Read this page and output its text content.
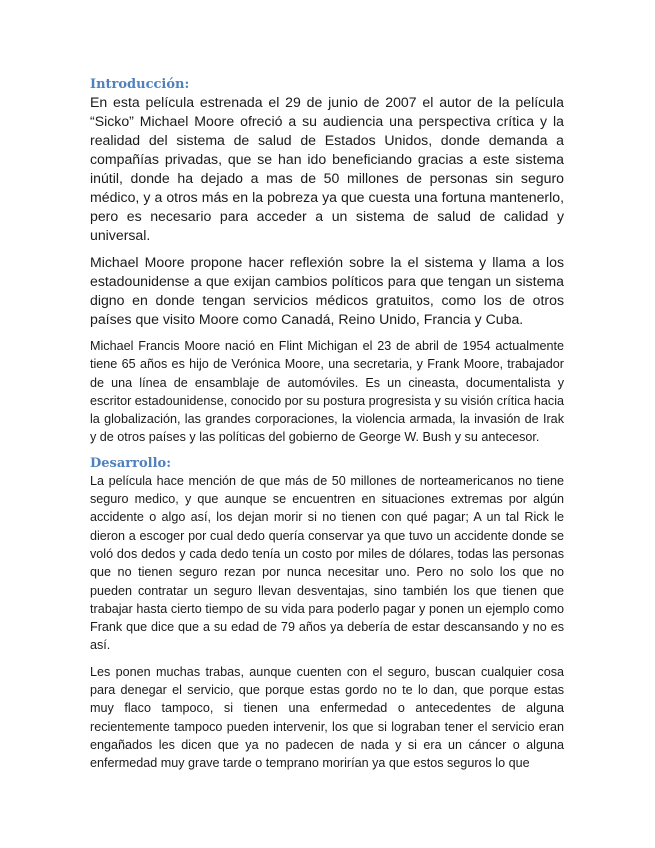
Introducción:

En esta película estrenada el 29 de junio de 2007 el autor de la película “Sicko” Michael Moore ofreció a su audiencia una perspectiva crítica y la realidad del sistema de salud de Estados Unidos, donde demanda a compañías privadas, que se han ido beneficiando gracias a este sistema inútil, donde ha dejado a mas de 50 millones de personas sin seguro médico, y a otros más en la pobreza ya que cuesta una fortuna mantenerlo, pero es necesario para acceder a un sistema de salud de calidad y universal.

Michael Moore propone hacer reflexión sobre la el sistema y llama a los estadounidense a que exijan cambios políticos para que tengan un sistema digno en donde tengan servicios médicos gratuitos, como los de otros países que visito Moore como Canadá, Reino Unido, Francia y Cuba.

Michael Francis Moore nació en Flint Michigan el 23 de abril de 1954 actualmente tiene 65 años es hijo de Verónica Moore, una secretaria, y Frank Moore, trabajador de una línea de ensamblaje de automóviles. Es un cineasta, documentalista y escritor estadounidense, conocido por su postura progresista y su visión crítica hacia la globalización, las grandes corporaciones, la violencia armada, la invasión de Irak y de otros países y las políticas del gobierno de George W. Bush y su antecesor.

Desarrollo:

La película hace mención de que más de 50 millones de norteamericanos no tiene seguro medico, y que aunque se encuentren en situaciones extremas por algún accidente o algo así, los dejan morir si no tienen con qué pagar; A un tal Rick le dieron a escoger por cual dedo quería conservar ya que tuvo un accidente donde se voló dos dedos y cada dedo tenía un costo por miles de dólares, todas las personas que no tienen seguro rezan por nunca necesitar uno. Pero no solo los que no pueden contratar un seguro llevan desventajas, sino también los que tienen que trabajar hasta cierto tiempo de su vida para poderlo pagar y ponen un ejemplo como Frank que dice que a su edad de 79 años ya debería de estar descansando y no es así.

Les ponen muchas trabas, aunque cuenten con el seguro, buscan cualquier cosa para denegar el servicio, que porque estas gordo no te lo dan, que porque estas muy flaco tampoco, si tienen una enfermedad o antecedentes de alguna recientemente tampoco pueden intervenir, los que si lograban tener el servicio eran engañados les dicen que ya no padecen de nada y si era un cáncer o alguna enfermedad muy grave tarde o temprano morirían ya que estos seguros lo que
